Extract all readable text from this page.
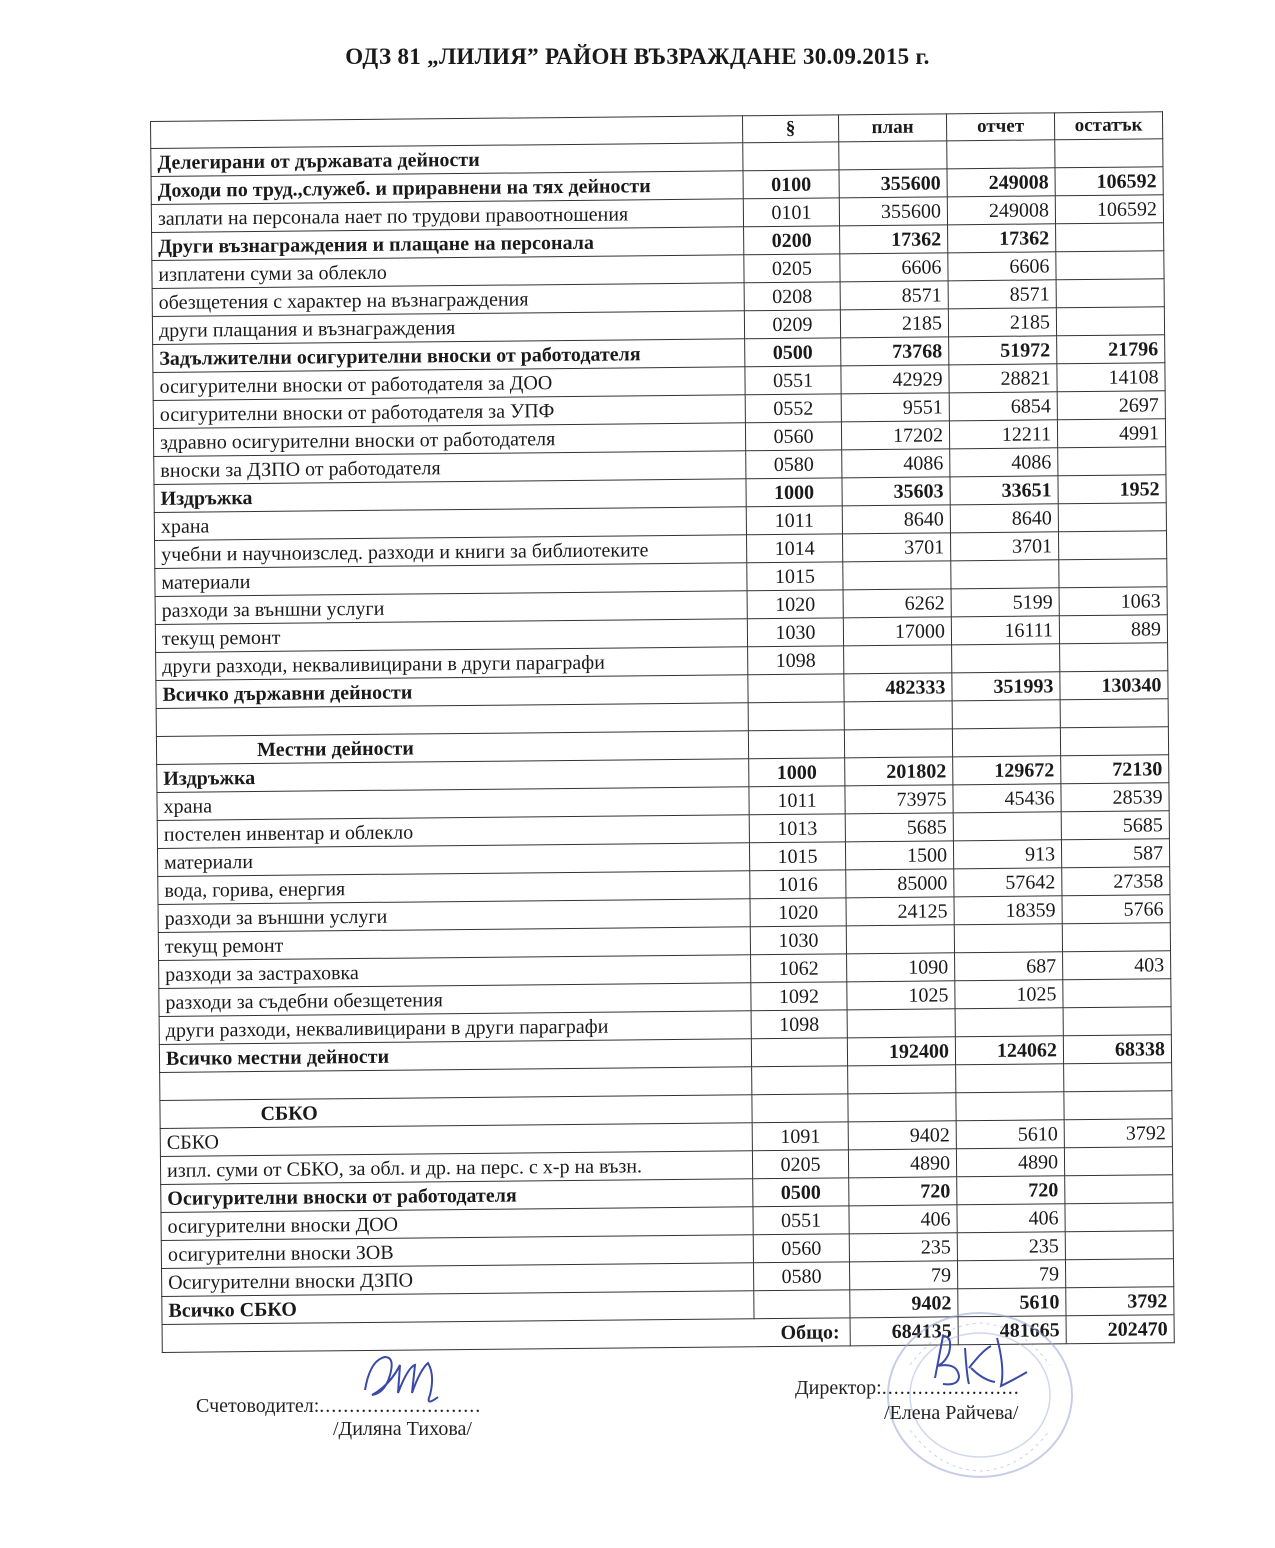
ОДЗ 81 „ЛИЛИЯ” РАЙОН ВЪЗРАЖДАНЕ 30.09.2015 г.
	§	план	отчет	остатък
Делегирани от държавата дейности				
Доходи по труд.,служеб. и приравнени на тях дейности	0100	355600	249008	106592
заплати на персонала нает по трудови правоотношения	0101	355600	249008	106592
Други възнаграждения и плащане на персонала	0200	17362	17362	
изплатени суми за облекло	0205	6606	6606	
обезщетения с характер на възнаграждения	0208	8571	8571	
други плащания и възнаграждения	0209	2185	2185	
Задължителни осигурителни вноски от работодателя	0500	73768	51972	21796
осигурителни вноски от работодателя за ДОО	0551	42929	28821	14108
осигурителни вноски от работодателя за УПФ	0552	9551	6854	2697
здравно осигурителни вноски от работодателя	0560	17202	12211	4991
вноски за ДЗПО от работодателя	0580	4086	4086	
Издръжка	1000	35603	33651	1952
храна	1011	8640	8640	
учебни и научноизслед. разходи и книги за библиотеките	1014	3701	3701	
материали	1015			
разходи за външни услуги	1020	6262	5199	1063
текущ ремонт	1030	17000	16111	889
други разходи, некваливицирани в други параграфи	1098			
Всичко държавни дейности		482333	351993	130340

Местни дейности				
Издръжка	1000	201802	129672	72130
храна	1011	73975	45436	28539
постелен инвентар и облекло	1013	5685		5685
материали	1015	1500	913	587
вода, горива, енергия	1016	85000	57642	27358
разходи за външни услуги	1020	24125	18359	5766
текущ ремонт	1030			
разходи за застраховка	1062	1090	687	403
разходи за съдебни обезщетения	1092	1025	1025	
други разходи, некваливицирани в други параграфи	1098			
Всичко местни дейности		192400	124062	68338

СБКО				
СБКО	1091	9402	5610	3792
изпл. суми от СБКО, за обл. и др. на перс. с х-р на възн.	0205	4890	4890	
Осигурителни вноски от работодателя	0500	720	720	
осигурителни вноски ДОО	0551	406	406	
осигурителни вноски ЗОВ	0560	235	235	
Осигурителни вноски ДЗПО	0580	79	79	
Всичко СБКО		9402	5610	3792
Общо:		684135	481665	202470
Счетоводител:...........................
/Диляна Тихова/
Директор:.......................
/Елена Райчева/
